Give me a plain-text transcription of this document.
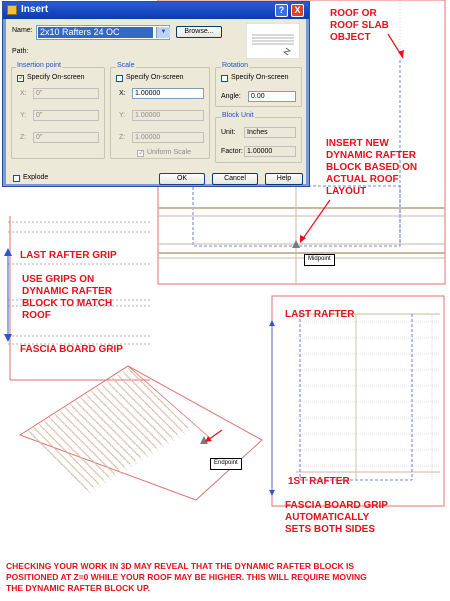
Midpoint
Endpoint
Insert	?	X
Name: 2x10 Rafters 24 OC	▼	Browse...
Path:
Insertion point
✓ Specify On-screen
X:	0"
Y:	0"
Z:	0"
Scale
Specify On-screen
X:	1.00000
Y:	1.00000
Z:	1.00000
✓ Uniform Scale
Rotation
Specify On-screen
Angle:	0.00
Block Unit
Unit:	Inches
Factor: 1.00000
Explode	OK	Cancel	Help
ROOF OR
ROOF SLAB
OBJECT
INSERT NEW
DYNAMIC RAFTER
BLOCK BASED ON
ACTUAL ROOF
LAYOUT
LAST RAFTER GRIP
USE GRIPS ON
DYNAMIC RAFTER
BLOCK TO MATCH
ROOF
FASCIA BOARD GRIP
LAST RAFTER
1ST RAFTER
FASCIA BOARD GRIP
AUTOMATICALLY
SETS BOTH SIDES
CHECKING YOUR WORK IN 3D MAY REVEAL THAT THE DYNAMIC RAFTER BLOCK IS
POSITIONED AT Z=0 WHILE YOUR ROOF MAY BE HIGHER. THIS WILL REQUIRE MOVING
THE DYNAMIC RAFTER BLOCK UP.
